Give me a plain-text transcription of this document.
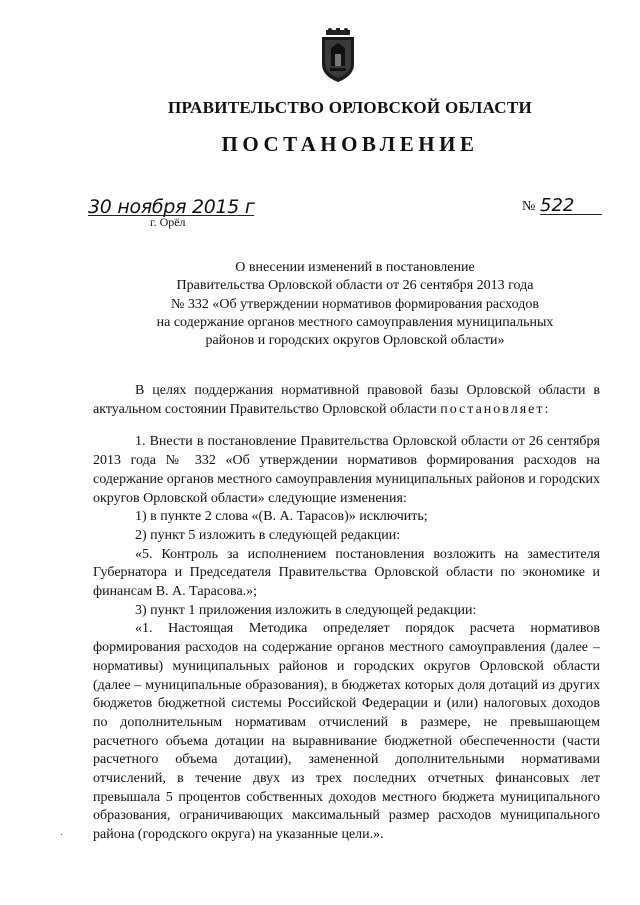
ПРАВИТЕЛЬСТВО ОРЛОВСКОЙ ОБЛАСТИ
ПОСТАНОВЛЕНИЕ
30 ноября 2015 г
г. Орёл
№ 522
О внесении изменений в постановление
Правительства Орловской области от 26 сентября 2013 года
№ 332 «Об утверждении нормативов формирования расходов
на содержание органов местного самоуправления муниципальных
районов и городских округов Орловской области»

В целях поддержания нормативной правовой базы Орловской области в актуальном состоянии Правительство Орловской области постановляет:

1. Внести в постановление Правительства Орловской области от 26 сентября 2013 года № 332 «Об утверждении нормативов формирования расходов на содержание органов местного самоуправления муниципальных районов и городских округов Орловской области» следующие изменения:

1) в пункте 2 слова «(В. А. Тарасов)» исключить;

2) пункт 5 изложить в следующей редакции:

«5. Контроль за исполнением постановления возложить на заместителя Губернатора и Председателя Правительства Орловской области по экономике и финансам В. А. Тарасова.»;

3) пункт 1 приложения изложить в следующей редакции:

«1. Настоящая Методика определяет порядок расчета нормативов формирования расходов на содержание органов местного самоуправления (далее – нормативы) муниципальных районов и городских округов Орловской области (далее – муниципальные образования), в бюджетах которых доля дотаций из других бюджетов бюджетной системы Российской Федерации и (или) налоговых доходов по дополнительным нормативам отчислений в размере, не превышающем расчетного объема дотации на выравнивание бюджетной обеспеченности (части расчетного объема дотации), замененной дополнительными нормативами отчислений, в течение двух из трех последних отчетных финансовых лет превышала 5 процентов собственных доходов местного бюджета муниципального образования, ограничивающих максимальный размер расходов муниципального района (городского округа) на указанные цели.».

·
